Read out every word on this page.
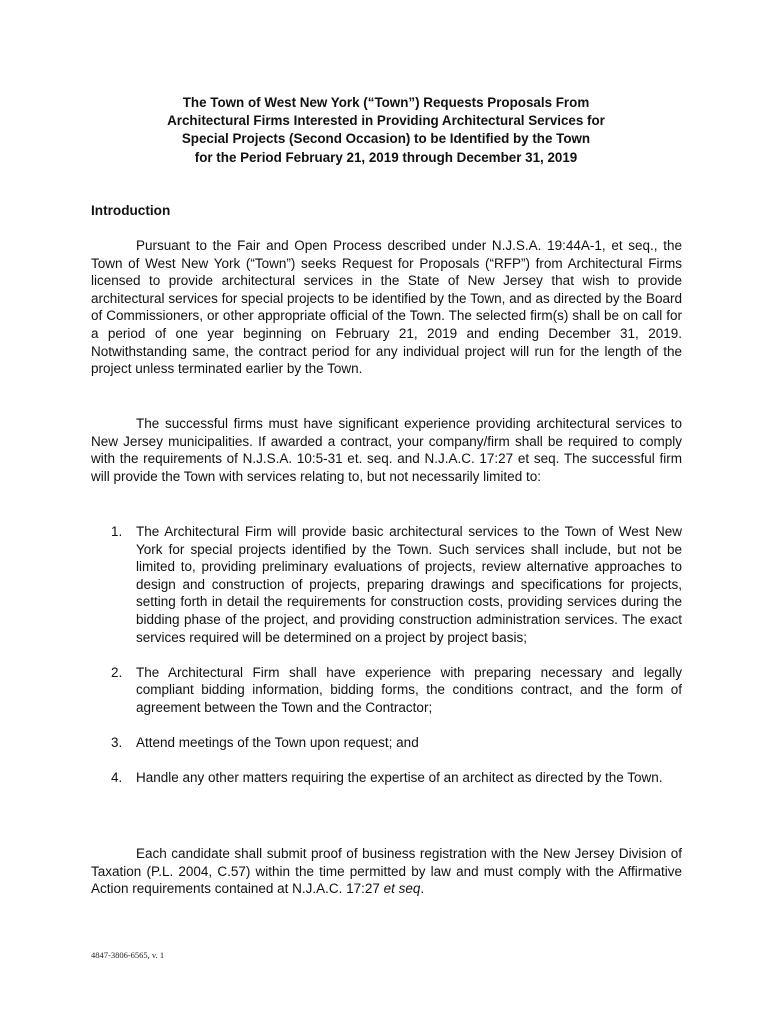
The Town of West New York (“Town”) Requests Proposals From
Architectural Firms Interested in Providing Architectural Services for
Special Projects (Second Occasion) to be Identified by the Town
for the Period February 21, 2019 through December 31, 2019
Introduction
Pursuant to the Fair and Open Process described under N.J.S.A. 19:44A-1, et seq., the Town of West New York (“Town”) seeks Request for Proposals (“RFP”) from Architectural Firms licensed to provide architectural services in the State of New Jersey that wish to provide architectural services for special projects to be identified by the Town, and as directed by the Board of Commissioners, or other appropriate official of the Town. The selected firm(s) shall be on call for a period of one year beginning on February 21, 2019 and ending December 31, 2019. Notwithstanding same, the contract period for any individual project will run for the length of the project unless terminated earlier by the Town.
The successful firms must have significant experience providing architectural services to New Jersey municipalities. If awarded a contract, your company/firm shall be required to comply with the requirements of N.J.S.A. 10:5-31 et. seq. and N.J.A.C. 17:27 et seq. The successful firm will provide the Town with services relating to, but not necessarily limited to:
1. The Architectural Firm will provide basic architectural services to the Town of West New York for special projects identified by the Town. Such services shall include, but not be limited to, providing preliminary evaluations of projects, review alternative approaches to design and construction of projects, preparing drawings and specifications for projects, setting forth in detail the requirements for construction costs, providing services during the bidding phase of the project, and providing construction administration services. The exact services required will be determined on a project by project basis;
2. The Architectural Firm shall have experience with preparing necessary and legally compliant bidding information, bidding forms, the conditions contract, and the form of agreement between the Town and the Contractor;
3. Attend meetings of the Town upon request; and
4. Handle any other matters requiring the expertise of an architect as directed by the Town.
Each candidate shall submit proof of business registration with the New Jersey Division of Taxation (P.L. 2004, C.57) within the time permitted by law and must comply with the Affirmative Action requirements contained at N.J.A.C. 17:27 et seq.
4847-3806-6565, v. 1
